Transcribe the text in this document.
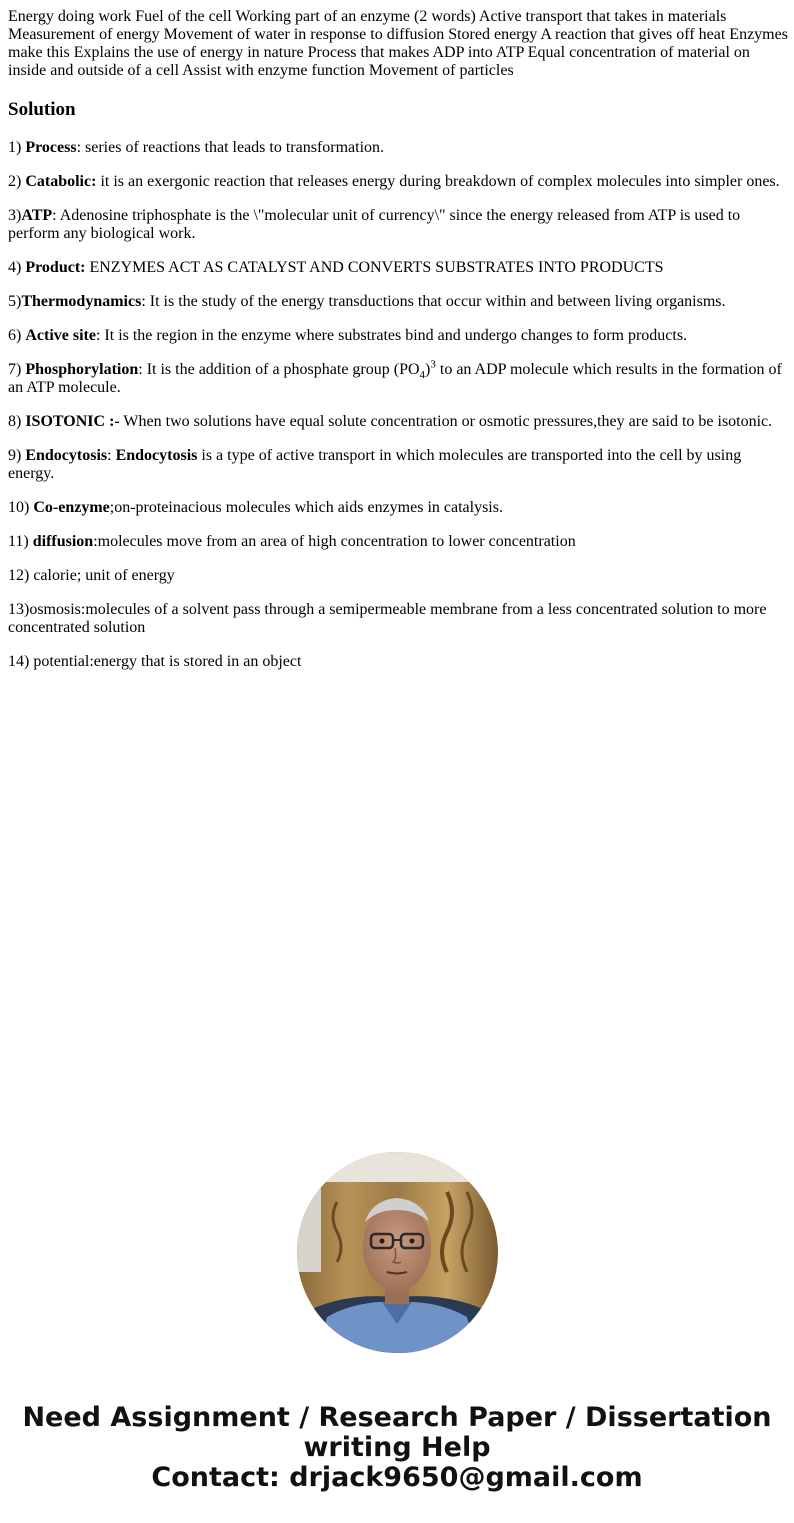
Energy doing work Fuel of the cell Working part of an enzyme (2 words) Active transport that takes in materials Measurement of energy Movement of water in response to diffusion Stored energy A reaction that gives off heat Enzymes make this Explains the use of energy in nature Process that makes ADP into ATP Equal concentration of material on inside and outside of a cell Assist with enzyme function Movement of particles

Solution

1) Process: series of reactions that leads to transformation.

2) Catabolic: it is an exergonic reaction that releases energy during breakdown of complex molecules into simpler ones.

3)ATP: Adenosine triphosphate is the \"molecular unit of currency\" since the energy released from ATP is used to perform any biological work.

4) Product: ENZYMES ACT AS CATALYST AND CONVERTS SUBSTRATES INTO PRODUCTS

5)Thermodynamics: It is the study of the energy transductions that occur within and between living organisms.

6) Active site: It is the region in the enzyme where substrates bind and undergo changes to form products.

7) Phosphorylation: It is the addition of a phosphate group $(PO_4)^3$ to an ADP molecule which results in the formation of an ATP molecule.

8) ISOTONIC :- When two solutions have equal solute concentration or osmotic pressures,they are said to be isotonic.

9) Endocytosis: Endocytosis is a type of active transport in which molecules are transported into the cell by using energy.

10) Co-enzyme;on-proteinacious molecules which aids enzymes in catalysis.

11) diffusion:molecules move from an area of high concentration to lower concentration

12) calorie; unit of energy

13)osmosis:molecules of a solvent pass through a semipermeable membrane from a less concentrated solution to more concentrated solution

14) potential:energy that is stored in an object

Need Assignment / Research Paper / Dissertation
writing Help
Contact: drjack9650@gmail.com
